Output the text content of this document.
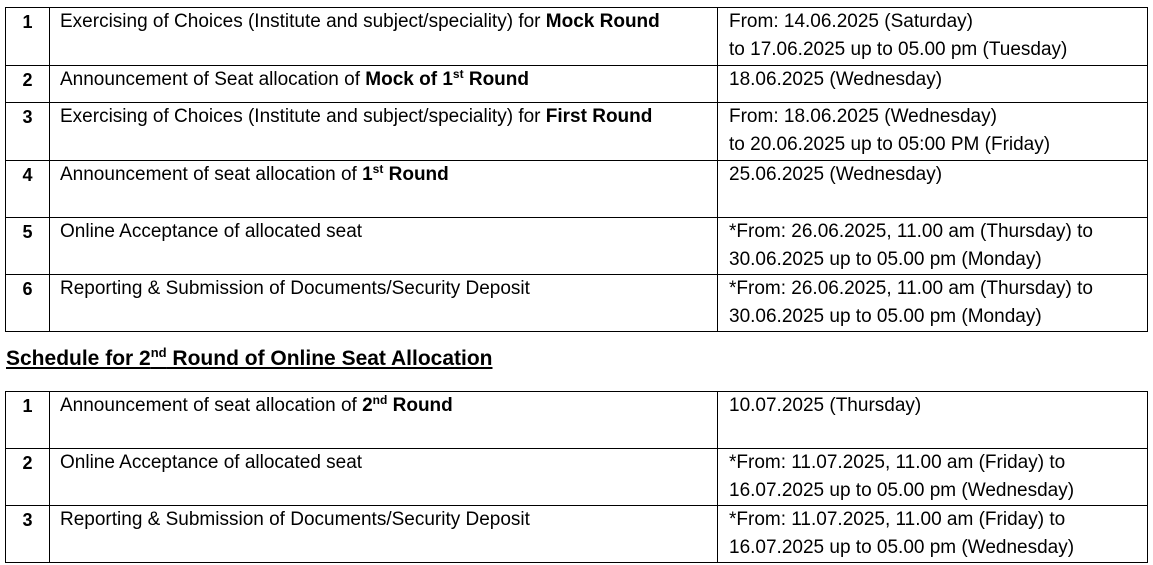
1	Exercising of Choices (Institute and subject/speciality) for Mock Round	From: 14.06.2025 (Saturday)
to 17.06.2025 up to 05.00 pm (Tuesday)

2	Announcement of Seat allocation of Mock of 1st Round	18.06.2025 (Wednesday)

3	Exercising of Choices (Institute and subject/speciality) for First Round	From: 18.06.2025 (Wednesday)
to 20.06.2025 up to 05:00 PM (Friday)

4	Announcement of seat allocation of 1st Round	25.06.2025 (Wednesday)

5	Online Acceptance of allocated seat	*From: 26.06.2025, 11.00 am (Thursday) to
30.06.2025 up to 05.00 pm (Monday)

6	Reporting & Submission of Documents/Security Deposit	*From: 26.06.2025, 11.00 am (Thursday) to
30.06.2025 up to 05.00 pm (Monday)
Schedule for 2nd Round of Online Seat Allocation
1	Announcement of seat allocation of 2nd Round	10.07.2025 (Thursday)

2	Online Acceptance of allocated seat	*From: 11.07.2025, 11.00 am (Friday) to
16.07.2025 up to 05.00 pm (Wednesday)

3	Reporting & Submission of Documents/Security Deposit	*From: 11.07.2025, 11.00 am (Friday) to
16.07.2025 up to 05.00 pm (Wednesday)
